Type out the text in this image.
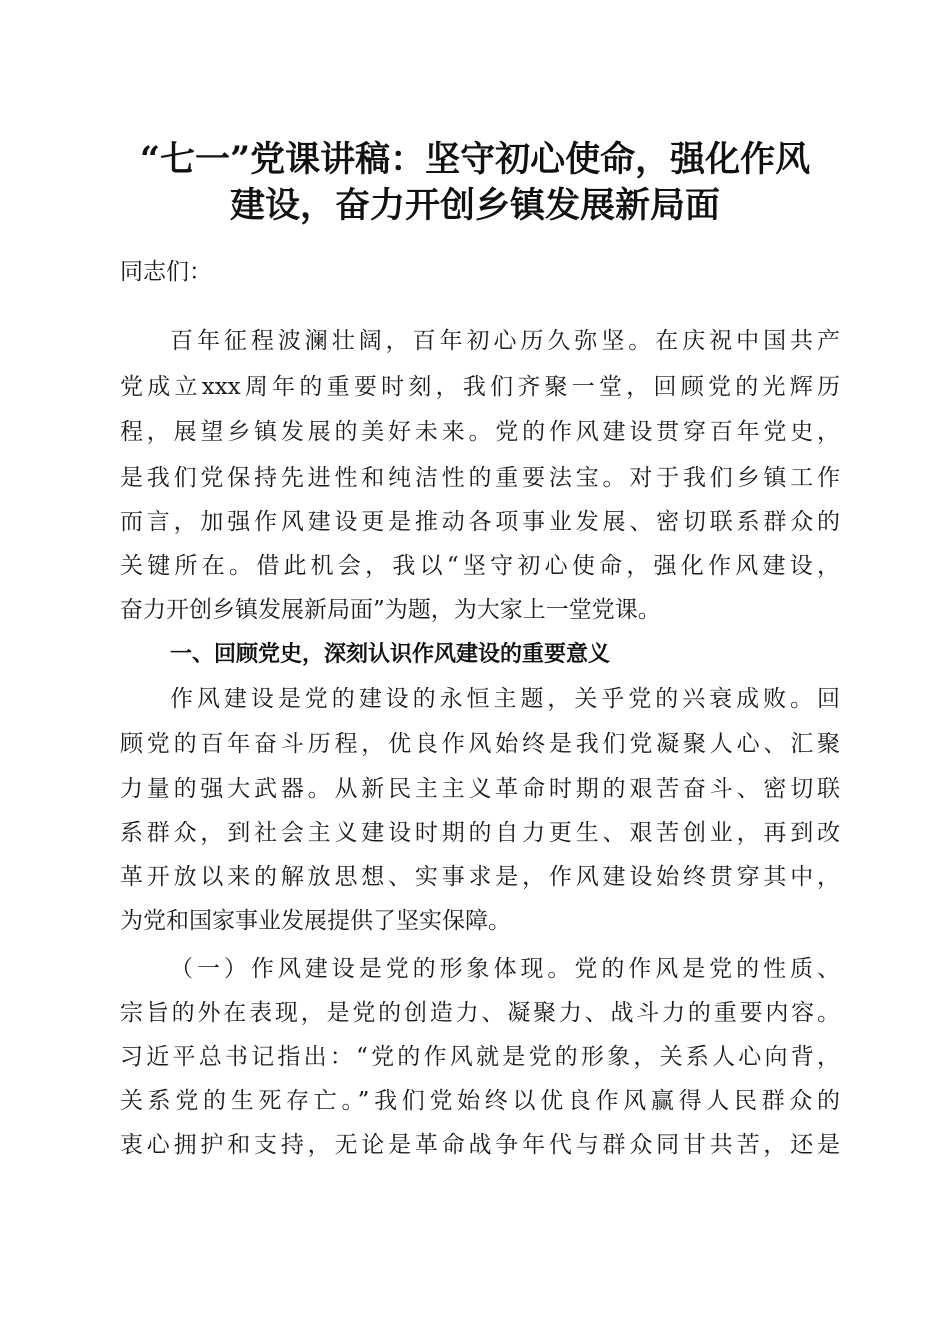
“七一”党课讲稿：坚守初心使命，强化作风
建设，奋力开创乡镇发展新局面
同志们：
百年征程波澜壮阔，百年初心历久弥坚。在庆祝中国共产
党成立xxx周年的重要时刻，我们齐聚一堂，回顾党的光辉历
程，展望乡镇发展的美好未来。党的作风建设贯穿百年党史，
是我们党保持先进性和纯洁性的重要法宝。对于我们乡镇工作
而言，加强作风建设更是推动各项事业发展、密切联系群众的
关键所在。借此机会，我以“坚守初心使命，强化作风建设，
奋力开创乡镇发展新局面”为题，为大家上一堂党课。
一、回顾党史，深刻认识作风建设的重要意义
作风建设是党的建设的永恒主题，关乎党的兴衰成败。回
顾党的百年奋斗历程，优良作风始终是我们党凝聚人心、汇聚
力量的强大武器。从新民主主义革命时期的艰苦奋斗、密切联
系群众，到社会主义建设时期的自力更生、艰苦创业，再到改
革开放以来的解放思想、实事求是，作风建设始终贯穿其中，
为党和国家事业发展提供了坚实保障。
（一）作风建设是党的形象体现。党的作风是党的性质、
宗旨的外在表现，是党的创造力、凝聚力、战斗力的重要内容。
习近平总书记指出：“党的作风就是党的形象，关系人心向背，
关系党的生死存亡。”我们党始终以优良作风赢得人民群众的
衷心拥护和支持，无论是革命战争年代与群众同甘共苦，还是
